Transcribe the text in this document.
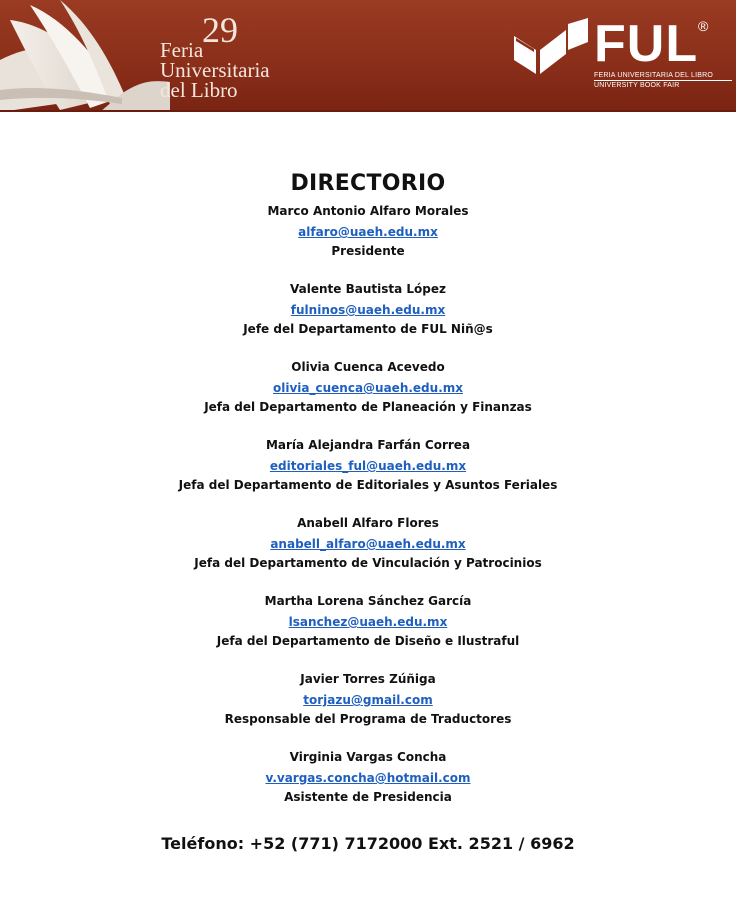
29
Feria
Universitaria
del Libro
FUL ®
FERIA UNIVERSITARIA DEL LIBRO
UNIVERSITY BOOK FAIR
DIRECTORIO
Marco Antonio Alfaro Morales
alfaro@uaeh.edu.mx
Presidente
Valente Bautista López
fulninos@uaeh.edu.mx
Jefe del Departamento de FUL Niñ@s
Olivia Cuenca Acevedo
olivia_cuenca@uaeh.edu.mx
Jefa del Departamento de Planeación y Finanzas
María Alejandra Farfán Correa
editoriales_ful@uaeh.edu.mx
Jefa del Departamento de Editoriales y Asuntos Feriales
Anabell Alfaro Flores
anabell_alfaro@uaeh.edu.mx
Jefa del Departamento de Vinculación y Patrocinios
Martha Lorena Sánchez García
lsanchez@uaeh.edu.mx
Jefa del Departamento de Diseño e Ilustraful
Javier Torres Zúñiga
torjazu@gmail.com
Responsable del Programa de Traductores
Virginia Vargas Concha
v.vargas.concha@hotmail.com
Asistente de Presidencia
Teléfono: +52 (771) 7172000 Ext. 2521 / 6962
